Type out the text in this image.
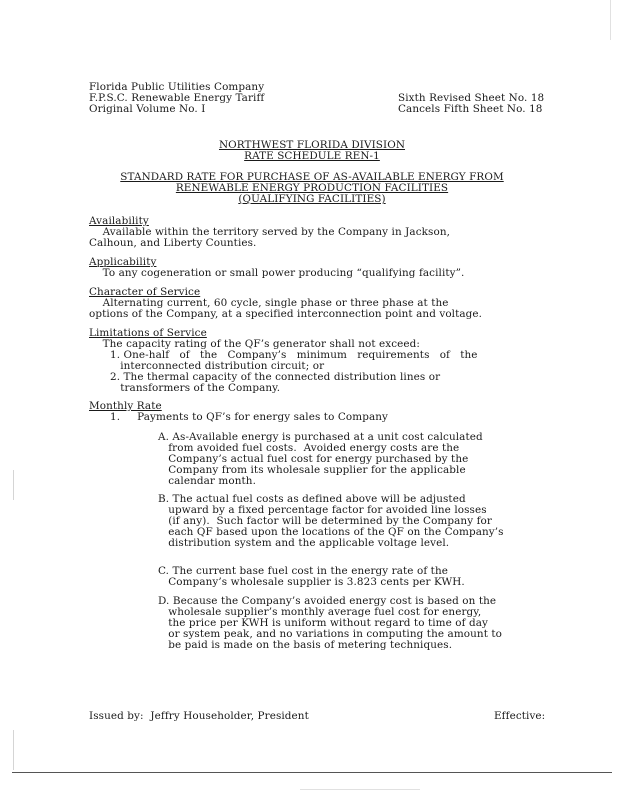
Florida Public Utilities Company
F.P.S.C. Renewable Energy Tariff
Original Volume No. I
Sixth Revised Sheet No. 18
Cancels Fifth Sheet No. 18
NORTHWEST FLORIDA DIVISION
RATE SCHEDULE REN-1
STANDARD RATE FOR PURCHASE OF AS-AVAILABLE ENERGY FROM
RENEWABLE ENERGY PRODUCTION FACILITIES
(QUALIFYING FACILITIES)
Availability
Available within the territory served by the Company in Jackson,
Calhoun, and Liberty Counties.
Applicability
To any cogeneration or small power producing “qualifying facility”.
Character of Service
Alternating current, 60 cycle, single phase or three phase at the
options of the Company, at a specified interconnection point and voltage.
Limitations of Service
The capacity rating of the QF’s generator shall not exceed:
1. One-half   of   the   Company’s   minimum   requirements   of   the
interconnected distribution circuit; or
2. The thermal capacity of the connected distribution lines or
transformers of the Company.
Monthly Rate
1.     Payments to QF’s for energy sales to Company
A. As-Available energy is purchased at a unit cost calculated
from avoided fuel costs.  Avoided energy costs are the
Company’s actual fuel cost for energy purchased by the
Company from its wholesale supplier for the applicable
calendar month.
B. The actual fuel costs as defined above will be adjusted
upward by a fixed percentage factor for avoided line losses
(if any).  Such factor will be determined by the Company for
each QF based upon the locations of the QF on the Company’s
distribution system and the applicable voltage level.
C. The current base fuel cost in the energy rate of the
Company’s wholesale supplier is 3.823 cents per KWH.
D. Because the Company’s avoided energy cost is based on the
wholesale supplier’s monthly average fuel cost for energy,
the price per KWH is uniform without regard to time of day
or system peak, and no variations in computing the amount to
be paid is made on the basis of metering techniques.
Issued by:  Jeffry Householder, President	Effective:
